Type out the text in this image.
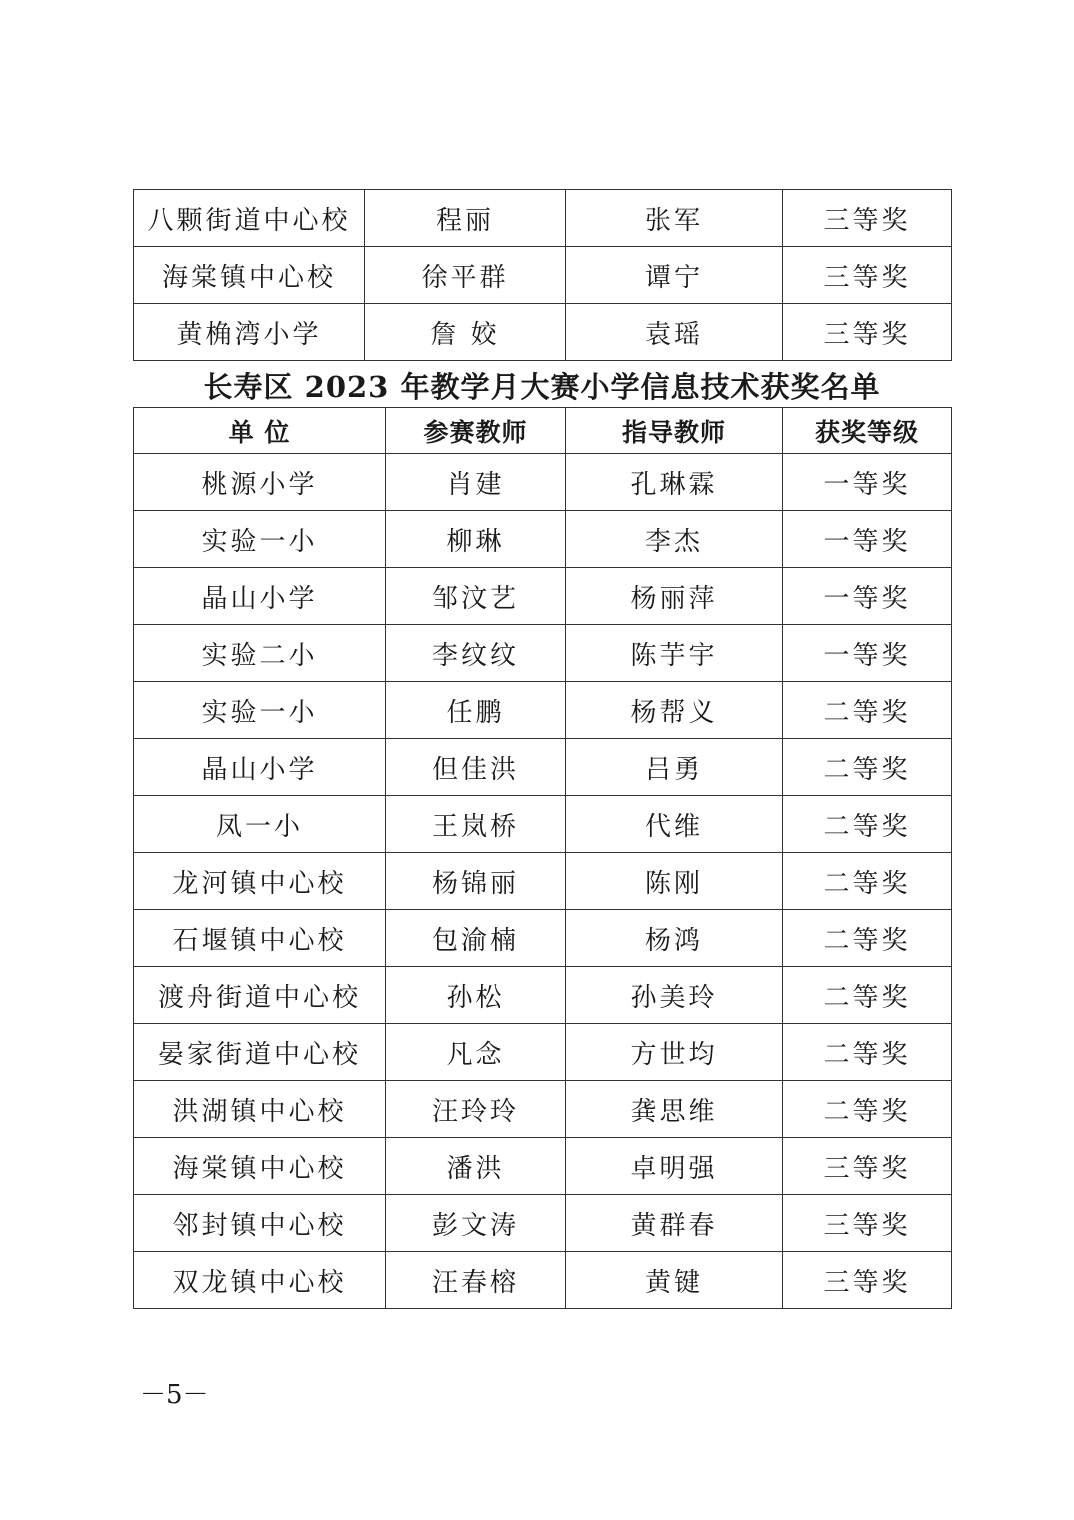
八颗街道中心校	程丽	张军	三等奖
海棠镇中心校	徐平群	谭宁	三等奖
黄桷湾小学	詹 姣	袁瑶	三等奖
长寿区 2023 年教学月大赛小学信息技术获奖名单
单 位	参赛教师	指导教师	获奖等级
桃源小学	肖建	孔琳霖	一等奖
实验一小	柳琳	李杰	一等奖
晶山小学	邹汶艺	杨丽萍	一等奖
实验二小	李纹纹	陈芋宇	一等奖
实验一小	任鹏	杨帮义	二等奖
晶山小学	但佳洪	吕勇	二等奖
凤一小	王岚桥	代维	二等奖
龙河镇中心校	杨锦丽	陈刚	二等奖
石堰镇中心校	包渝楠	杨鸿	二等奖
渡舟街道中心校	孙松	孙美玲	二等奖
晏家街道中心校	凡念	方世均	二等奖
洪湖镇中心校	汪玲玲	龚思维	二等奖
海棠镇中心校	潘洪	卓明强	三等奖
邻封镇中心校	彭文涛	黄群春	三等奖
双龙镇中心校	汪春榕	黄键	三等奖
－5－
